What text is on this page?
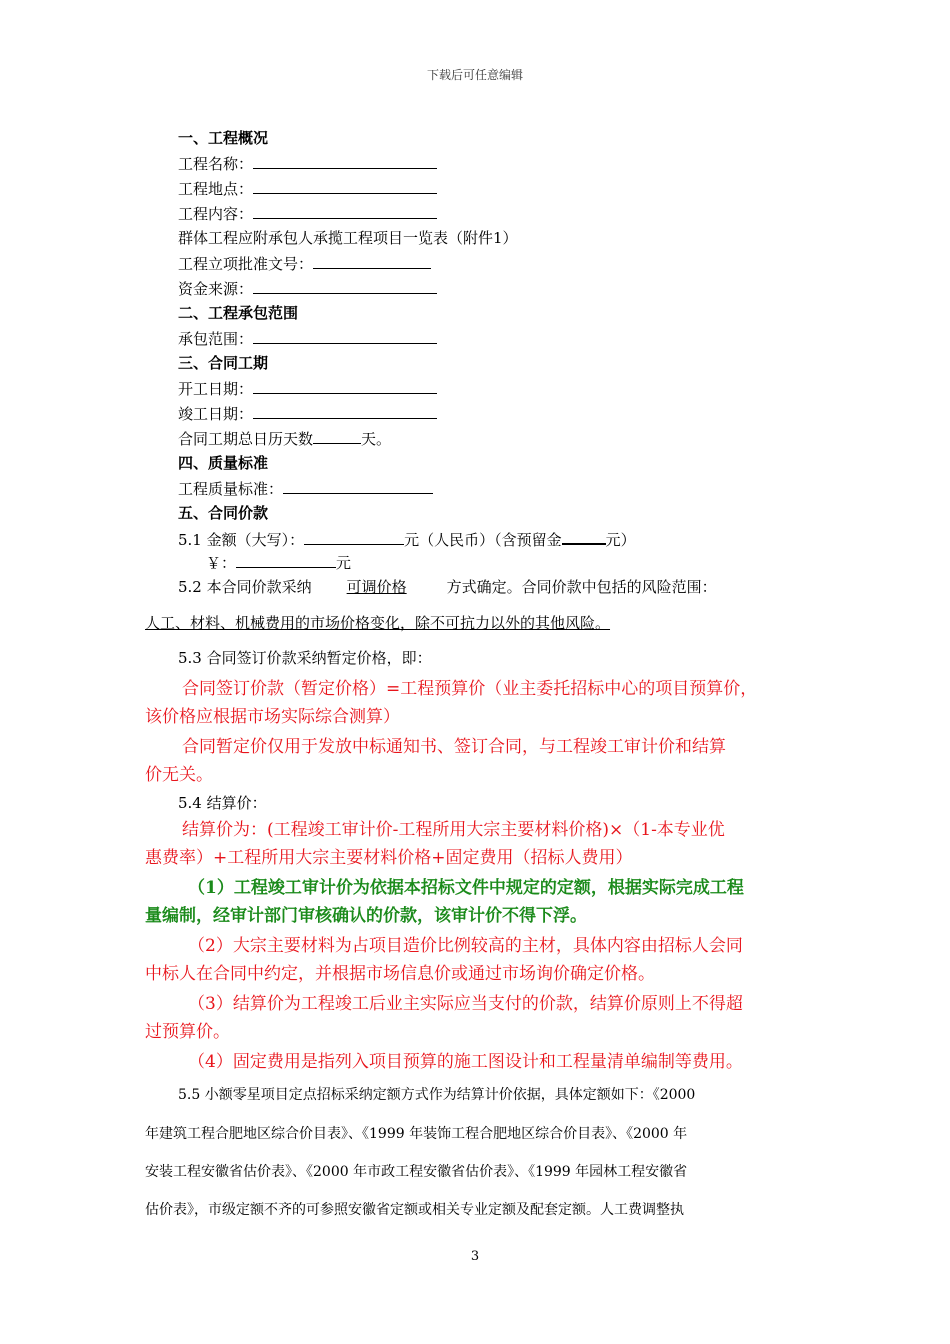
下载后可任意编辑
一、工程概况
工程名称：
工程地点：
工程内容：
群体工程应附承包人承揽工程项目一览表（附件1）
工程立项批准文号：
资金来源：
二、工程承包范围
承包范围：
三、合同工期
开工日期：
竣工日期：
合同工期总日历天数	天。
四、质量标准
工程质量标准：
五、合同价款
5.1 金额（大写）：	元（人民币）（含预留金	元）
￥：	元
5.2 本合同价款采纳 可调价格	方式确定。合同价款中包括的风险范围：
人工、材料、机械费用的市场价格变化，除不可抗力以外的其他风险。
5.3 合同签订价款采纳暂定价格，即：
合同签订价款（暂定价格）=工程预算价（业主委托招标中心的项目预算价，
该价格应根据市场实际综合测算）
合同暂定价仅用于发放中标通知书、签订合同，与工程竣工审计价和结算
价无关。
5.4 结算价：
结算价为：(工程竣工审计价-工程所用大宗主要材料价格)×（1-本专业优
惠费率）+工程所用大宗主要材料价格+固定费用（招标人费用）
（1）工程竣工审计价为依据本招标文件中规定的定额，根据实际完成工程
量编制，经审计部门审核确认的价款，该审计价不得下浮。
（2）大宗主要材料为占项目造价比例较高的主材，具体内容由招标人会同
中标人在合同中约定，并根据市场信息价或通过市场询价确定价格。
（3）结算价为工程竣工后业主实际应当支付的价款，结算价原则上不得超
过预算价。
（4）固定费用是指列入项目预算的施工图设计和工程量清单编制等费用。
5.5 小额零星项目定点招标采纳定额方式作为结算计价依据，具体定额如下：《2000
年建筑工程合肥地区综合价目表》、《1999 年装饰工程合肥地区综合价目表》、《2000 年
安装工程安徽省估价表》、《2000 年市政工程安徽省估价表》、《1999 年园林工程安徽省
估价表》，市级定额不齐的可参照安徽省定额或相关专业定额及配套定额。人工费调整执
3
